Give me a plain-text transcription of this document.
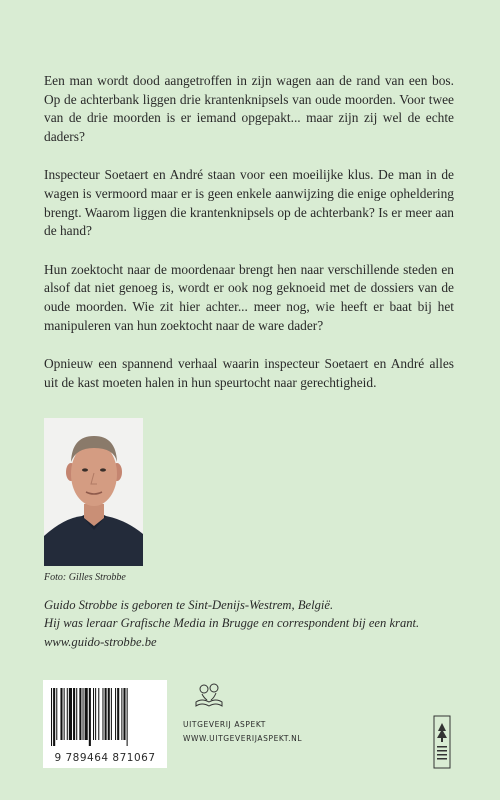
Een man wordt dood aangetroffen in zijn wagen aan de rand van een bos. Op de achterbank liggen drie krantenknipsels van oude moorden. Voor twee van de drie moorden is er iemand opgepakt... maar zijn zij wel de echte daders?

Inspecteur Soetaert en André staan voor een moeilijke klus. De man in de wagen is vermoord maar er is geen enkele aanwijzing die enige opheldering brengt. Waarom liggen die krantenknipsels op de achterbank? Is er meer aan de hand?

Hun zoektocht naar de moordenaar brengt hen naar verschillende steden en alsof dat niet genoeg is, wordt er ook nog geknoeid met de dossiers van de oude moorden. Wie zit hier achter... meer nog, wie heeft er baat bij het manipuleren van hun zoektocht naar de ware dader?

Opnieuw een spannend verhaal waarin inspecteur Soetaert en André alles uit de kast moeten halen in hun speurtocht naar gerechtigheid.

Foto: Gilles Strobbe
Guido Strobbe is geboren te Sint-Denijs-Westrem, België.
Hij was leraar Grafische Media in Brugge en correspondent bij een krant.
www.guido-strobbe.be
9 789464 871067
UITGEVERIJ ASPEKT
WWW.UITGEVERIJASPEKT.NL
